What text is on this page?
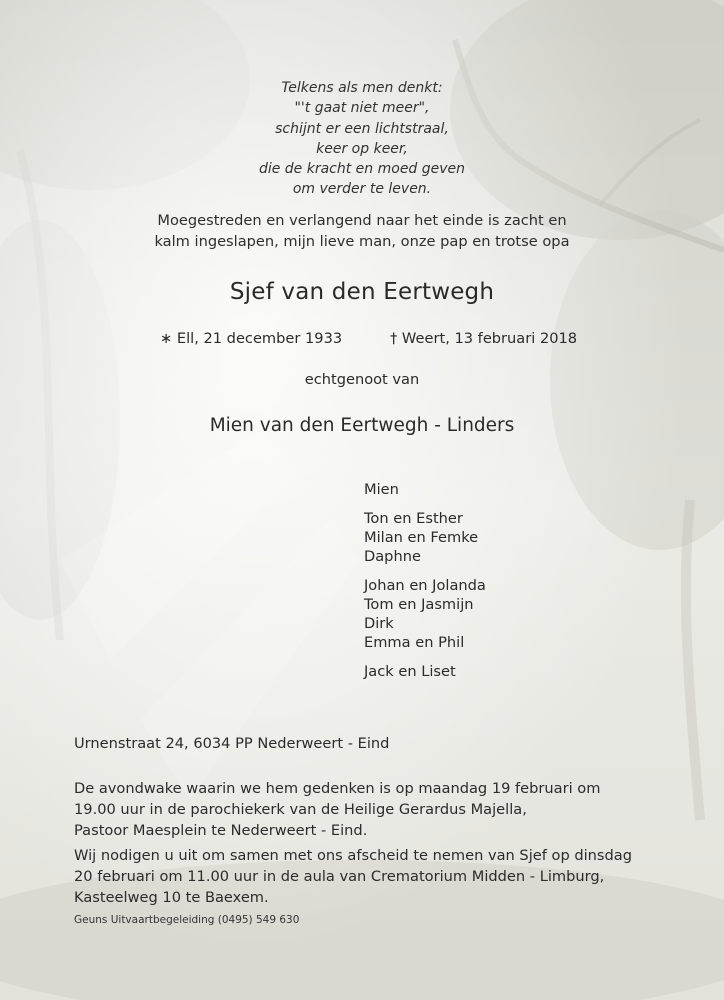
Telkens als men denkt:
"'t gaat niet meer",
schijnt er een lichtstraal,
keer op keer,
die de kracht en moed geven
om verder te leven.
Moegestreden en verlangend naar het einde is zacht en
kalm ingeslapen, mijn lieve man, onze pap en trotse opa
Sjef van den Eertwegh
∗ Ell, 21 december 1933	† Weert, 13 februari 2018
echtgenoot van
Mien van den Eertwegh - Linders
Mien
Ton en Esther
Milan en Femke
Daphne
Johan en Jolanda
Tom en Jasmijn
Dirk
Emma en Phil
Jack en Liset
Urnenstraat 24, 6034 PP Nederweert - Eind
De avondwake waarin we hem gedenken is op maandag 19 februari om
19.00 uur in de parochiekerk van de Heilige Gerardus Majella,
Pastoor Maesplein te Nederweert - Eind.
Wij nodigen u uit om samen met ons afscheid te nemen van Sjef op dinsdag
20 februari om 11.00 uur in de aula van Crematorium Midden - Limburg,
Kasteelweg 10 te Baexem.
Geuns Uitvaartbegeleiding (0495) 549 630
